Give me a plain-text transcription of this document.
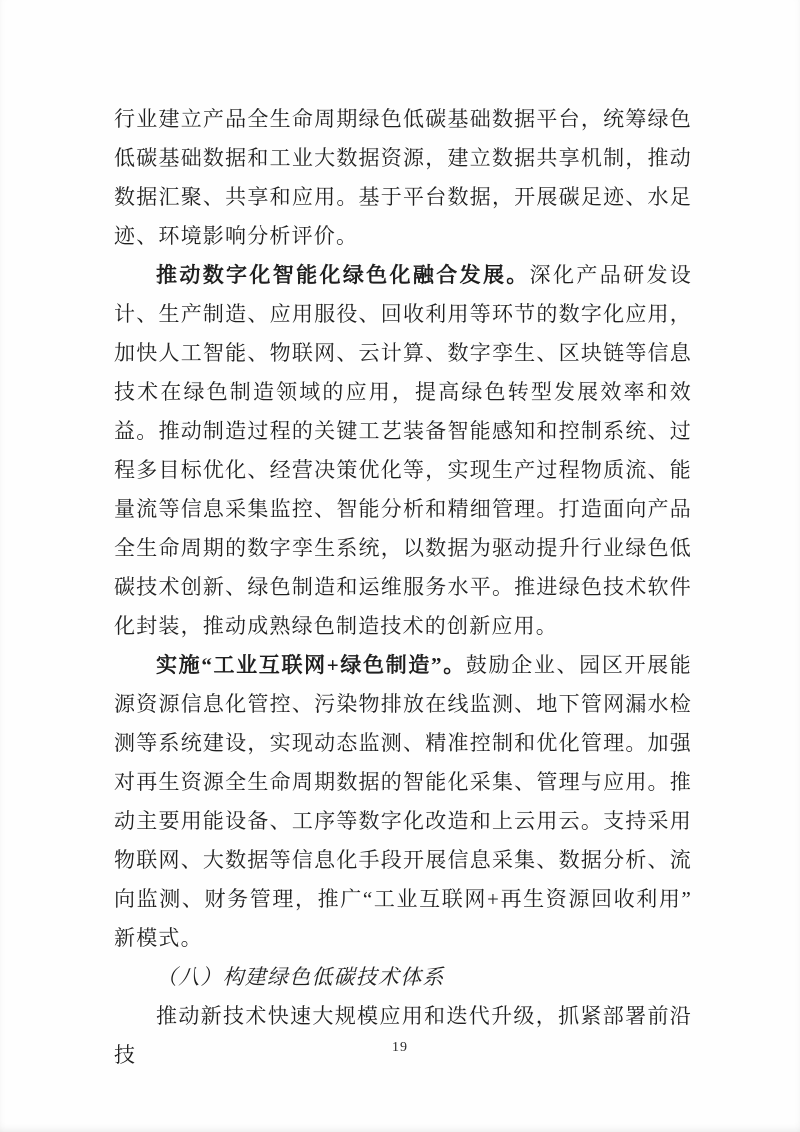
行业建立产品全生命周期绿色低碳基础数据平台，统筹绿色低碳基础数据和工业大数据资源，建立数据共享机制，推动数据汇聚、共享和应用。基于平台数据，开展碳足迹、水足迹、环境影响分析评价。

推动数字化智能化绿色化融合发展。深化产品研发设计、生产制造、应用服役、回收利用等环节的数字化应用，加快人工智能、物联网、云计算、数字孪生、区块链等信息技术在绿色制造领域的应用，提高绿色转型发展效率和效益。推动制造过程的关键工艺装备智能感知和控制系统、过程多目标优化、经营决策优化等，实现生产过程物质流、能量流等信息采集监控、智能分析和精细管理。打造面向产品全生命周期的数字孪生系统，以数据为驱动提升行业绿色低碳技术创新、绿色制造和运维服务水平。推进绿色技术软件化封装，推动成熟绿色制造技术的创新应用。

实施“工业互联网+绿色制造”。鼓励企业、园区开展能源资源信息化管控、污染物排放在线监测、地下管网漏水检测等系统建设，实现动态监测、精准控制和优化管理。加强对再生资源全生命周期数据的智能化采集、管理与应用。推动主要用能设备、工序等数字化改造和上云用云。支持采用物联网、大数据等信息化手段开展信息采集、数据分析、流向监测、财务管理，推广“工业互联网+再生资源回收利用”新模式。

（八）构建绿色低碳技术体系

推动新技术快速大规模应用和迭代升级，抓紧部署前沿技	19
